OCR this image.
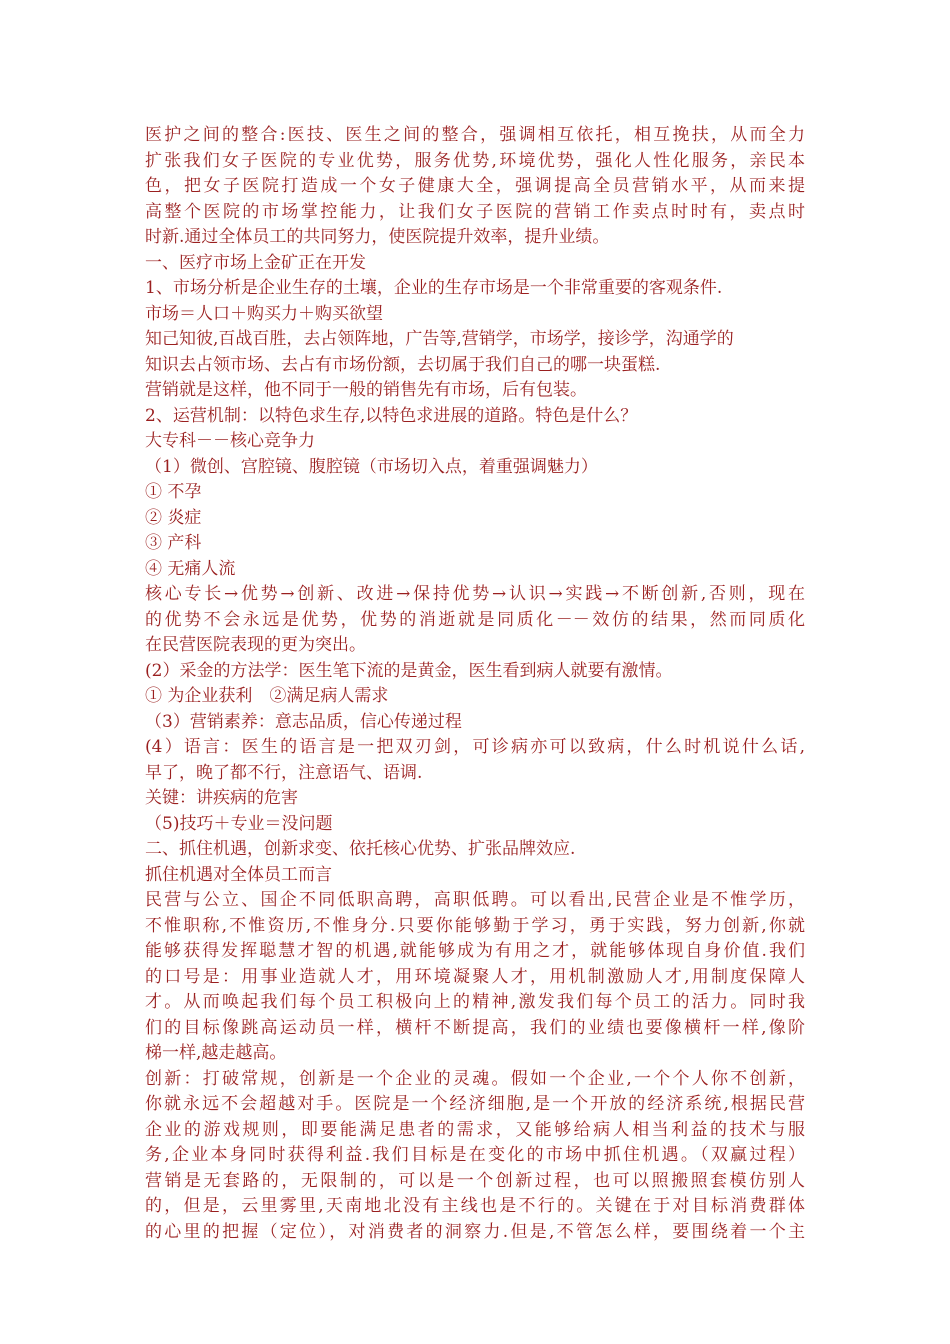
医护之间的整合:医技、医生之间的整合，强调相互依托，相互挽扶，从而全力
扩张我们女子医院的专业优势，服务优势,环境优势，强化人性化服务，亲民本
色，把女子医院打造成一个女子健康大全，强调提高全员营销水平，从而来提
高整个医院的市场掌控能力，让我们女子医院的营销工作卖点时时有，卖点时
时新.通过全体员工的共同努力，使医院提升效率，提升业绩。
一、医疗市场上金矿正在开发
1、市场分析是企业生存的土壤，企业的生存市场是一个非常重要的客观条件.
市场＝人口＋购买力＋购买欲望
知己知彼,百战百胜，去占领阵地，广告等,营销学，市场学，接诊学，沟通学的
知识去占领市场、去占有市场份额，去切属于我们自己的哪一块蛋糕.
营销就是这样，他不同于一般的销售先有市场，后有包装。
2、运营机制：以特色求生存,以特色求进展的道路。特色是什么？
大专科－－核心竞争力
（1）微创、宫腔镜、腹腔镜（市场切入点，着重强调魅力）
① 不孕
② 炎症
③ 产科
④ 无痛人流
核心专长→优势→创新、改进→保持优势→认识→实践→不断创新,否则，现在
的优势不会永远是优势，优势的消逝就是同质化－－效仿的结果，然而同质化
在民营医院表现的更为突出。
(2）采金的方法学：医生笔下流的是黄金，医生看到病人就要有激情。
① 为企业获利　②满足病人需求
（3）营销素养：意志品质，信心传递过程
(4）语言：医生的语言是一把双刃剑，可诊病亦可以致病，什么时机说什么话,
早了，晚了都不行，注意语气、语调.
关键：讲疾病的危害
（5)技巧＋专业＝没问题
二、抓住机遇，创新求变、依托核心优势、扩张品牌效应.
抓住机遇对全体员工而言
民营与公立、国企不同低职高聘，高职低聘。可以看出,民营企业是不惟学历，
不惟职称,不惟资历,不惟身分.只要你能够勤于学习，勇于实践，努力创新,你就
能够获得发挥聪慧才智的机遇,就能够成为有用之才，就能够体现自身价值.我们
的口号是：用事业造就人才，用环境凝聚人才，用机制激励人才,用制度保障人
才。从而唤起我们每个员工积极向上的精神,激发我们每个员工的活力。同时我
们的目标像跳高运动员一样，横杆不断提高，我们的业绩也要像横杆一样,像阶
梯一样,越走越高。
创新：打破常规，创新是一个企业的灵魂。假如一个企业,一个个人你不创新，
你就永远不会超越对手。医院是一个经济细胞,是一个开放的经济系统,根据民营
企业的游戏规则，即要能满足患者的需求，又能够给病人相当利益的技术与服
务,企业本身同时获得利益.我们目标是在变化的市场中抓住机遇。（双赢过程）
营销是无套路的，无限制的，可以是一个创新过程，也可以照搬照套模仿别人
的，但是，云里雾里,天南地北没有主线也是不行的。关键在于对目标消费群体
的心里的把握（定位），对消费者的洞察力.但是,不管怎么样，要围绕着一个主
